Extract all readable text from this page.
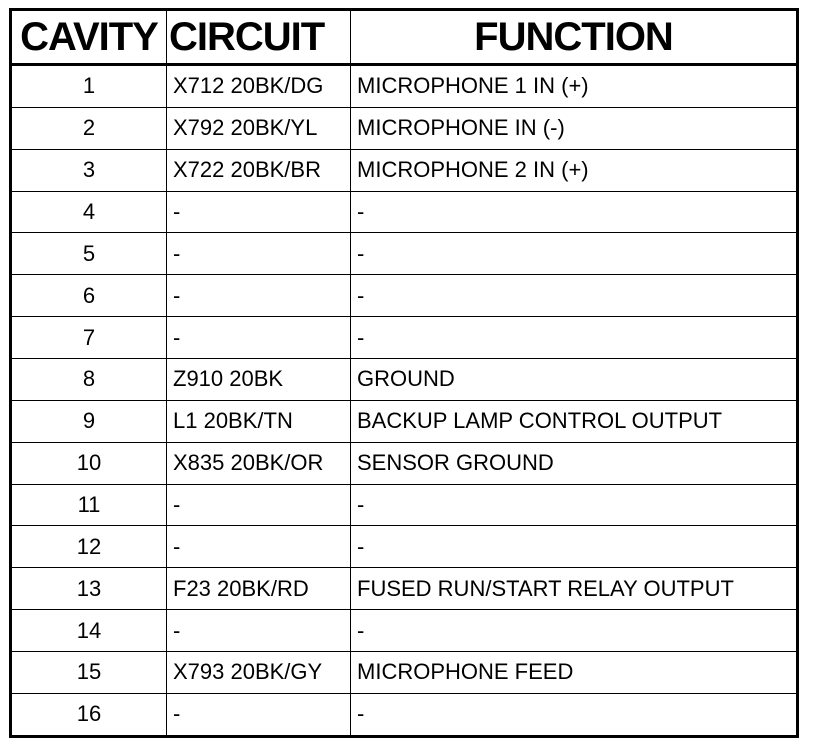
CAVITY	CIRCUIT	FUNCTION
1	X712 20BK/DG	MICROPHONE 1 IN (+)
2	X792 20BK/YL	MICROPHONE IN (-)
3	X722 20BK/BR	MICROPHONE 2 IN (+)
4	-	-
5	-	-
6	-	-
7	-	-
8	Z910 20BK	GROUND
9	L1 20BK/TN	BACKUP LAMP CONTROL OUTPUT
10	X835 20BK/OR	SENSOR GROUND
11	-	-
12	-	-
13	F23 20BK/RD	FUSED RUN/START RELAY OUTPUT
14	-	-
15	X793 20BK/GY	MICROPHONE FEED
16	-	-
